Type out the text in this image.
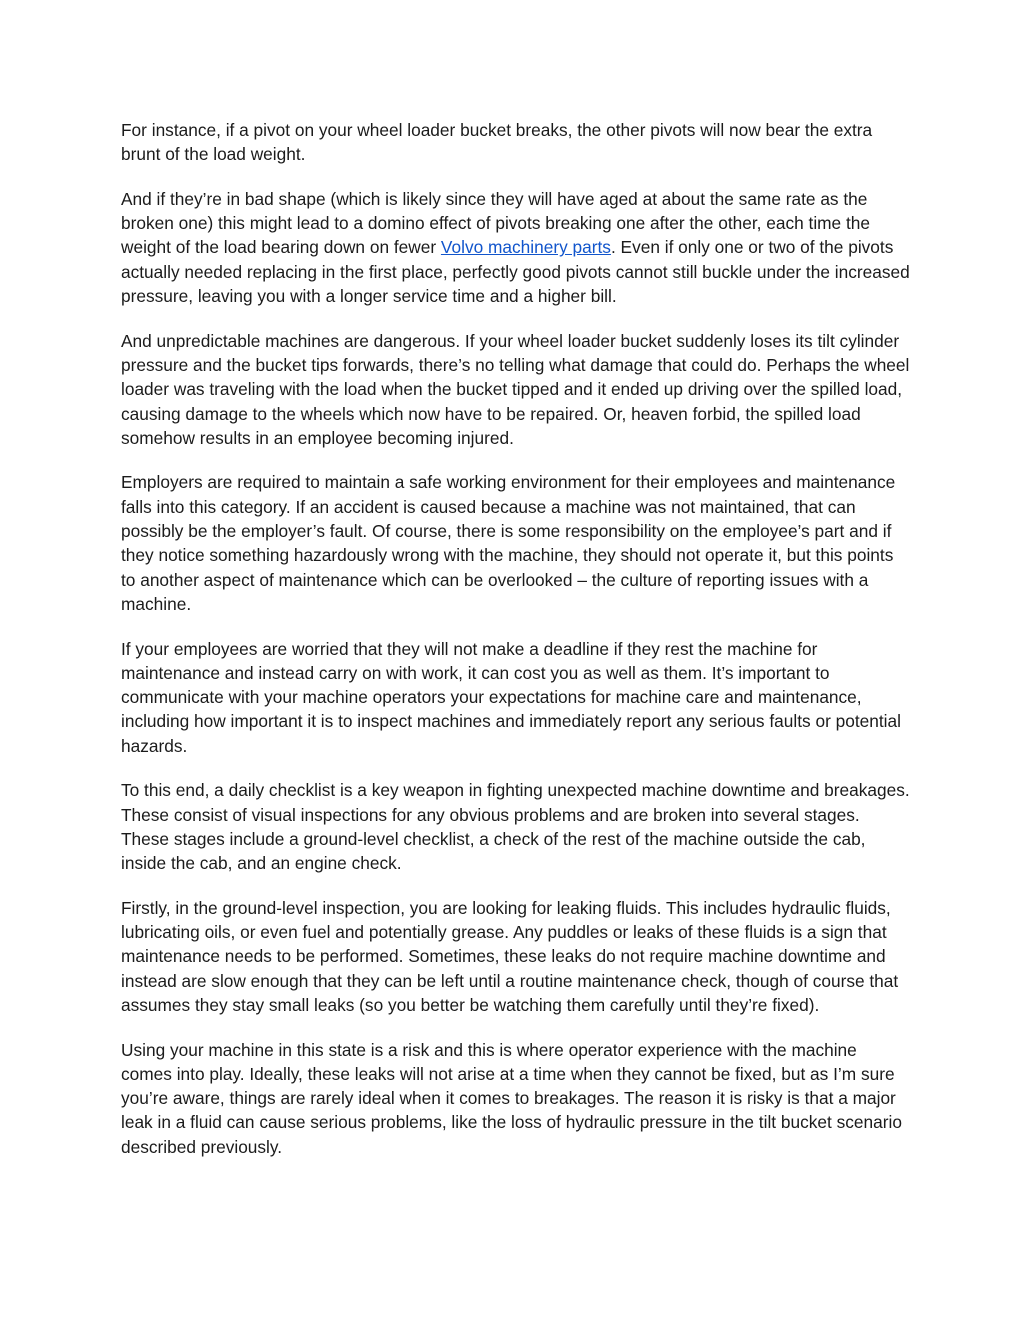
For instance, if a pivot on your wheel loader bucket breaks, the other pivots will now bear the extra brunt of the load weight.

And if they’re in bad shape (which is likely since they will have aged at about the same rate as the broken one) this might lead to a domino effect of pivots breaking one after the other, each time the weight of the load bearing down on fewer Volvo machinery parts. Even if only one or two of the pivots actually needed replacing in the first place, perfectly good pivots cannot still buckle under the increased pressure, leaving you with a longer service time and a higher bill.

And unpredictable machines are dangerous. If your wheel loader bucket suddenly loses its tilt cylinder pressure and the bucket tips forwards, there’s no telling what damage that could do. Perhaps the wheel loader was traveling with the load when the bucket tipped and it ended up driving over the spilled load, causing damage to the wheels which now have to be repaired. Or, heaven forbid, the spilled load somehow results in an employee becoming injured.

Employers are required to maintain a safe working environment for their employees and maintenance falls into this category. If an accident is caused because a machine was not maintained, that can possibly be the employer’s fault. Of course, there is some responsibility on the employee’s part and if they notice something hazardously wrong with the machine, they should not operate it, but this points to another aspect of maintenance which can be overlooked – the culture of reporting issues with a machine.

If your employees are worried that they will not make a deadline if they rest the machine for maintenance and instead carry on with work, it can cost you as well as them. It’s important to communicate with your machine operators your expectations for machine care and maintenance, including how important it is to inspect machines and immediately report any serious faults or potential hazards.

To this end, a daily checklist is a key weapon in fighting unexpected machine downtime and breakages. These consist of visual inspections for any obvious problems and are broken into several stages. These stages include a ground-level checklist, a check of the rest of the machine outside the cab, inside the cab, and an engine check.

Firstly, in the ground-level inspection, you are looking for leaking fluids. This includes hydraulic fluids, lubricating oils, or even fuel and potentially grease. Any puddles or leaks of these fluids is a sign that maintenance needs to be performed. Sometimes, these leaks do not require machine downtime and instead are slow enough that they can be left until a routine maintenance check, though of course that assumes they stay small leaks (so you better be watching them carefully until they’re fixed).

Using your machine in this state is a risk and this is where operator experience with the machine comes into play. Ideally, these leaks will not arise at a time when they cannot be fixed, but as I’m sure you’re aware, things are rarely ideal when it comes to breakages. The reason it is risky is that a major leak in a fluid can cause serious problems, like the loss of hydraulic pressure in the tilt bucket scenario described previously.
